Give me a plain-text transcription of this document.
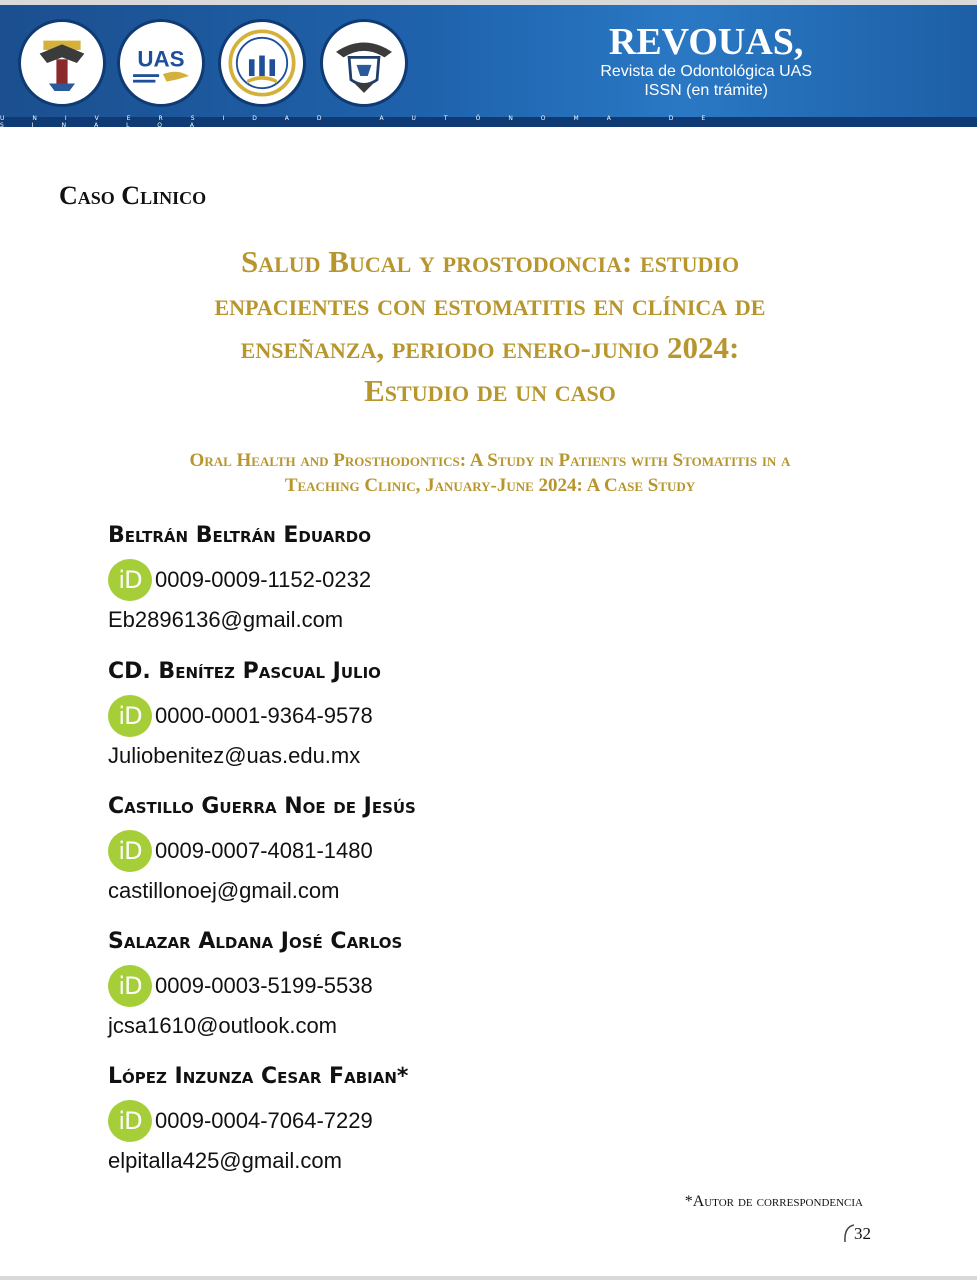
UAS	REVOUAS,
Revista de Odontológica UAS
ISSN (en trámite)
UNIVERSIDAD AUTÓNOMA DE SINALOA
Caso Clinico
Salud Bucal y prostodoncia: estudio
enpacientes con estomatitis en clínica de
enseñanza, periodo enero-junio 2024:
Estudio de un caso
Oral Health and Prosthodontics: A Study in Patients with Stomatitis in a
Teaching Clinic, January-June 2024: A Case Study
Beltrán Beltrán Eduardo
iD 0009-0009-1152-0232
Eb2896136@gmail.com
CD. Benítez Pascual Julio
iD 0000-0001-9364-9578
Juliobenitez@uas.edu.mx
Castillo Guerra Noe de Jesús
iD 0009-0007-4081-1480
castillonoej@gmail.com
Salazar Aldana José Carlos
iD 0009-0003-5199-5538
jcsa1610@outlook.com
López Inzunza Cesar Fabian*
iD 0009-0004-7064-7229
elpitalla425@gmail.com
*Autor de correspondencia
32
